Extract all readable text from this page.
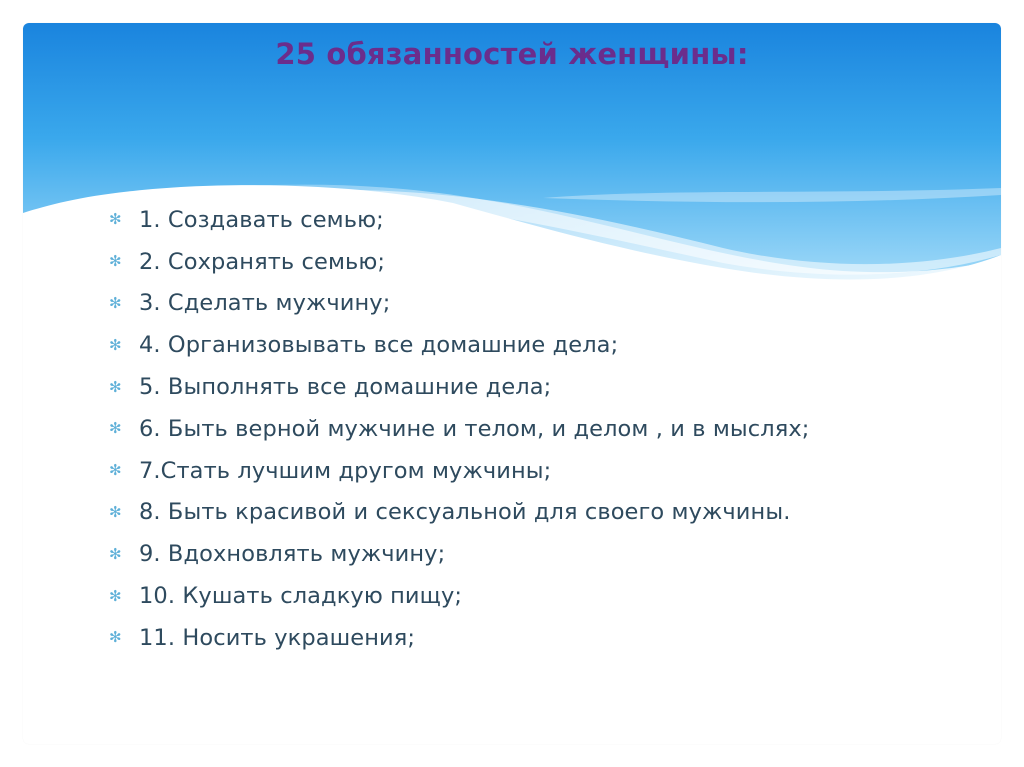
25 обязанностей женщины:
✻ 1. Создавать семью;
✻ 2. Сохранять семью;
✻ 3. Сделать мужчину;
✻ 4. Организовывать все домашние дела;
✻ 5. Выполнять все домашние дела;
✻ 6. Быть верной мужчине и телом, и делом , и в мыслях;
✻ 7.Стать лучшим другом мужчины;
✻ 8. Быть красивой и сексуальной для своего мужчины.
✻ 9. Вдохновлять мужчину;
✻ 10. Кушать сладкую пищу;
✻ 11. Носить украшения;
